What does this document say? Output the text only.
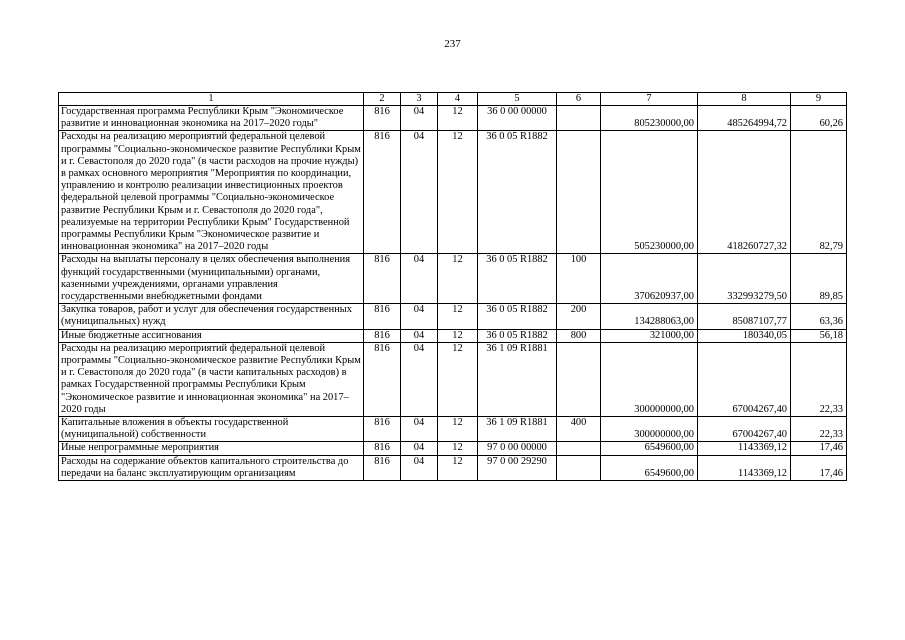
237
1	2	3	4	5	6	7	8	9
Государственная программа Республики Крым "Экономическое развитие и инновационная экономика на 2017–2020 годы"	816	04	12	36 0 00 00000		805230000,00	485264994,72	60,26
Расходы на реализацию мероприятий федеральной целевой программы "Социально-экономическое развитие Республики Крым и г. Севастополя до 2020 года" (в части расходов на прочие нужды) в рамках основного мероприятия "Мероприятия по координации, управлению и контролю реализации инвестиционных проектов федеральной целевой программы "Социально-экономическое развитие Республики Крым и г. Севастополя до 2020 года", реализуемые на территории Республики Крым" Государственной программы Республики Крым "Экономическое развитие и инновационная экономика" на 2017–2020 годы	816	04	12	36 0 05 R1882		505230000,00	418260727,32	82,79
Расходы на выплаты персоналу в целях обеспечения выполнения функций государственными (муниципальными) органами, казенными учреждениями, органами управления государственными внебюджетными фондами	816	04	12	36 0 05 R1882	100	370620937,00	332993279,50	89,85
Закупка товаров, работ и услуг для обеспечения государственных (муниципальных) нужд	816	04	12	36 0 05 R1882	200	134288063,00	85087107,77	63,36
Иные бюджетные ассигнования	816	04	12	36 0 05 R1882	800	321000,00	180340,05	56,18
Расходы на реализацию мероприятий федеральной целевой программы "Социально-экономическое развитие Республики Крым и г. Севастополя до 2020 года" (в части капитальных расходов) в рамках Государственной программы Республики Крым "Экономическое развитие и инновационная экономика" на 2017–2020 годы	816	04	12	36 1 09 R1881		300000000,00	67004267,40	22,33
Капитальные вложения в объекты государственной (муниципальной) собственности	816	04	12	36 1 09 R1881	400	300000000,00	67004267,40	22,33
Иные непрограммные мероприятия	816	04	12	97 0 00 00000		6549600,00	1143369,12	17,46
Расходы на содержание объектов капитального строительства до передачи на баланс эксплуатирующим организациям	816	04	12	97 0 00 29290		6549600,00	1143369,12	17,46
